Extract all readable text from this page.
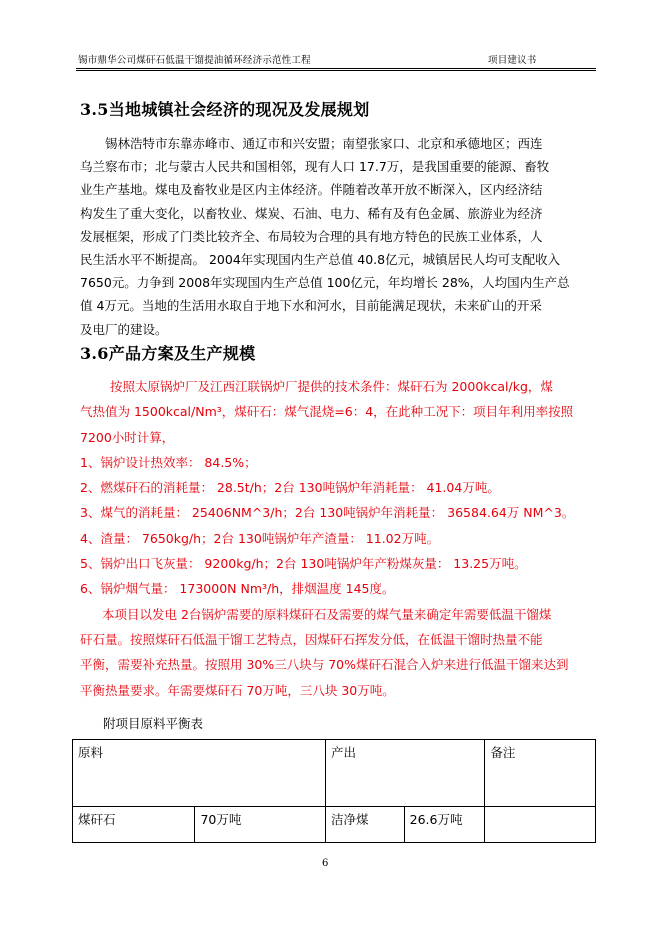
锡市鼎华公司煤矸石低温干馏提油循环经济示范性工程	项目建议书
3.5当地城镇社会经济的现况及发展规划
锡林浩特市东靠赤峰市、通辽市和兴安盟；南望张家口、北京和承德地区；西连
乌兰察布市；北与蒙古人民共和国相邻，现有人口 17.7万，是我国重要的能源、畜牧
业生产基地。煤电及畜牧业是区内主体经济。伴随着改革开放不断深入，区内经济结
构发生了重大变化，以畜牧业、煤炭、石油、电力、稀有及有色金属、旅游业为经济
发展框架，形成了门类比较齐全、布局较为合理的具有地方特色的民族工业体系，人
民生活水平不断提高。 2004年实现国内生产总值 40.8亿元，城镇居民人均可支配收入
7650元。力争到 2008年实现国内生产总值 100亿元，年均增长 28%，人均国内生产总
值 4万元。当地的生活用水取自于地下水和河水，目前能满足现状，未来矿山的开采
及电厂的建设。
3.6产品方案及生产规模
按照太原锅炉厂及江西江联锅炉厂提供的技术条件：煤矸石为 2000kcal/kg，煤
气热值为 1500kcal/Nm³，煤矸石：煤气混烧=6：4，在此种工况下：项目年利用率按照
7200小时计算，
1、锅炉设计热效率： 84.5%；
2、燃煤矸石的消耗量： 28.5t/h；2台 130吨锅炉年消耗量： 41.04万吨。
3、煤气的消耗量： 25406NM^3/h；2台 130吨锅炉年消耗量： 36584.64万 NM^3。
4、渣量： 7650kg/h；2台 130吨锅炉年产渣量： 11.02万吨。
5、锅炉出口飞灰量： 9200kg/h；2台 130吨锅炉年产粉煤灰量： 13.25万吨。
6、锅炉烟气量： 173000N Nm³/h，排烟温度 145度。
本项目以发电 2台锅炉需要的原料煤矸石及需要的煤气量来确定年需要低温干馏煤
矸石量。按照煤矸石低温干馏工艺特点，因煤矸石挥发分低，在低温干馏时热量不能
平衡，需要补充热量。按照用 30%三八块与 70%煤矸石混合入炉来进行低温干馏来达到
平衡热量要求。年需要煤矸石 70万吨，三八块 30万吨。
附项目原料平衡表
原料		产出		备注
煤矸石	70万吨	洁净煤	26.6万吨	
6
